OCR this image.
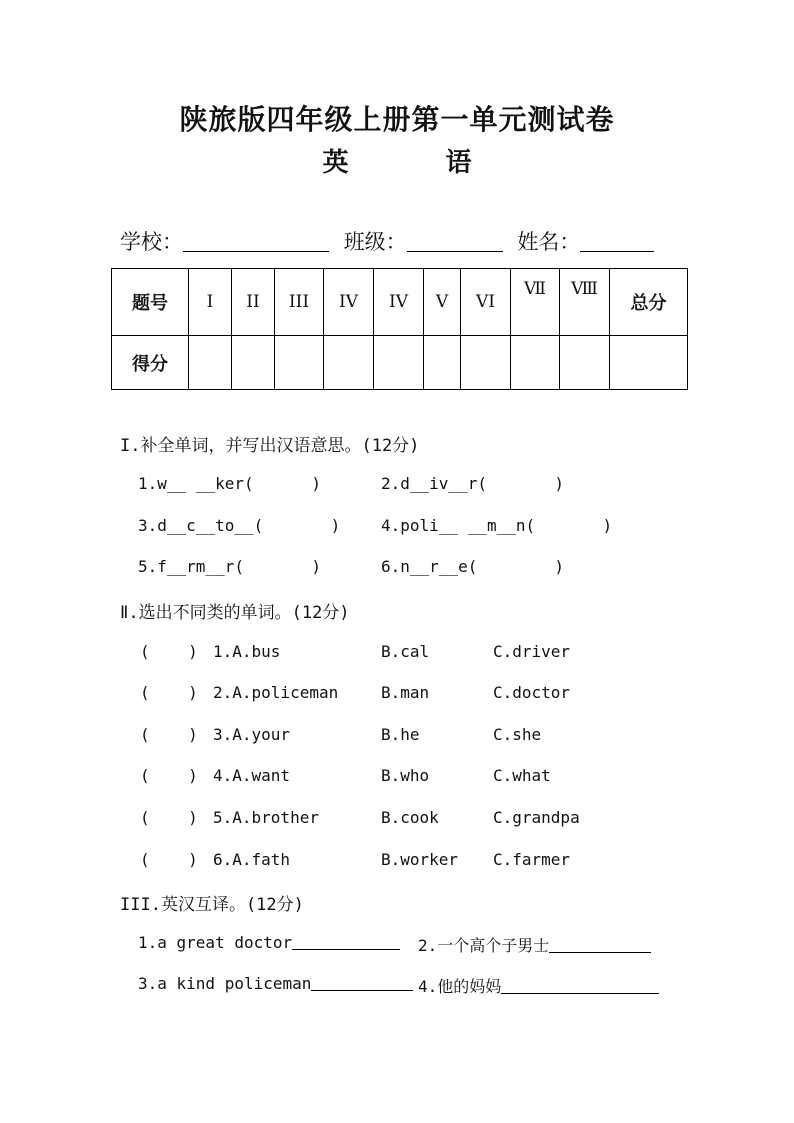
陕旅版四年级上册第一单元测试卷
英 语
学校：	班级：	姓名：
题号	I	II	III	IV	IV	V	VI	Ⅶ	Ⅷ	总分
得分										
I.补全单词，并写出汉语意思。(12分)
1.w__ __ker(      )	2.d__iv__r(       )
3.d__c__to__(       )	4.poli__ __m__n(       )
5.f__rm__r(       )	6.n__r__e(        )
Ⅱ.选出不同类的单词。(12分)
(    ) 1.A.bus	B.cal	C.driver
(    ) 2.A.policeman	B.man	C.doctor
(    ) 3.A.your	B.he	C.she
(    ) 4.A.want	B.who	C.what
(    ) 5.A.brother	B.cook	C.grandpa
(    ) 6.A.fath	B.worker C.farmer
III.英汉互译。(12分)
1.a great doctor	2.一个高个子男士
3.a kind policeman	4.他的妈妈
